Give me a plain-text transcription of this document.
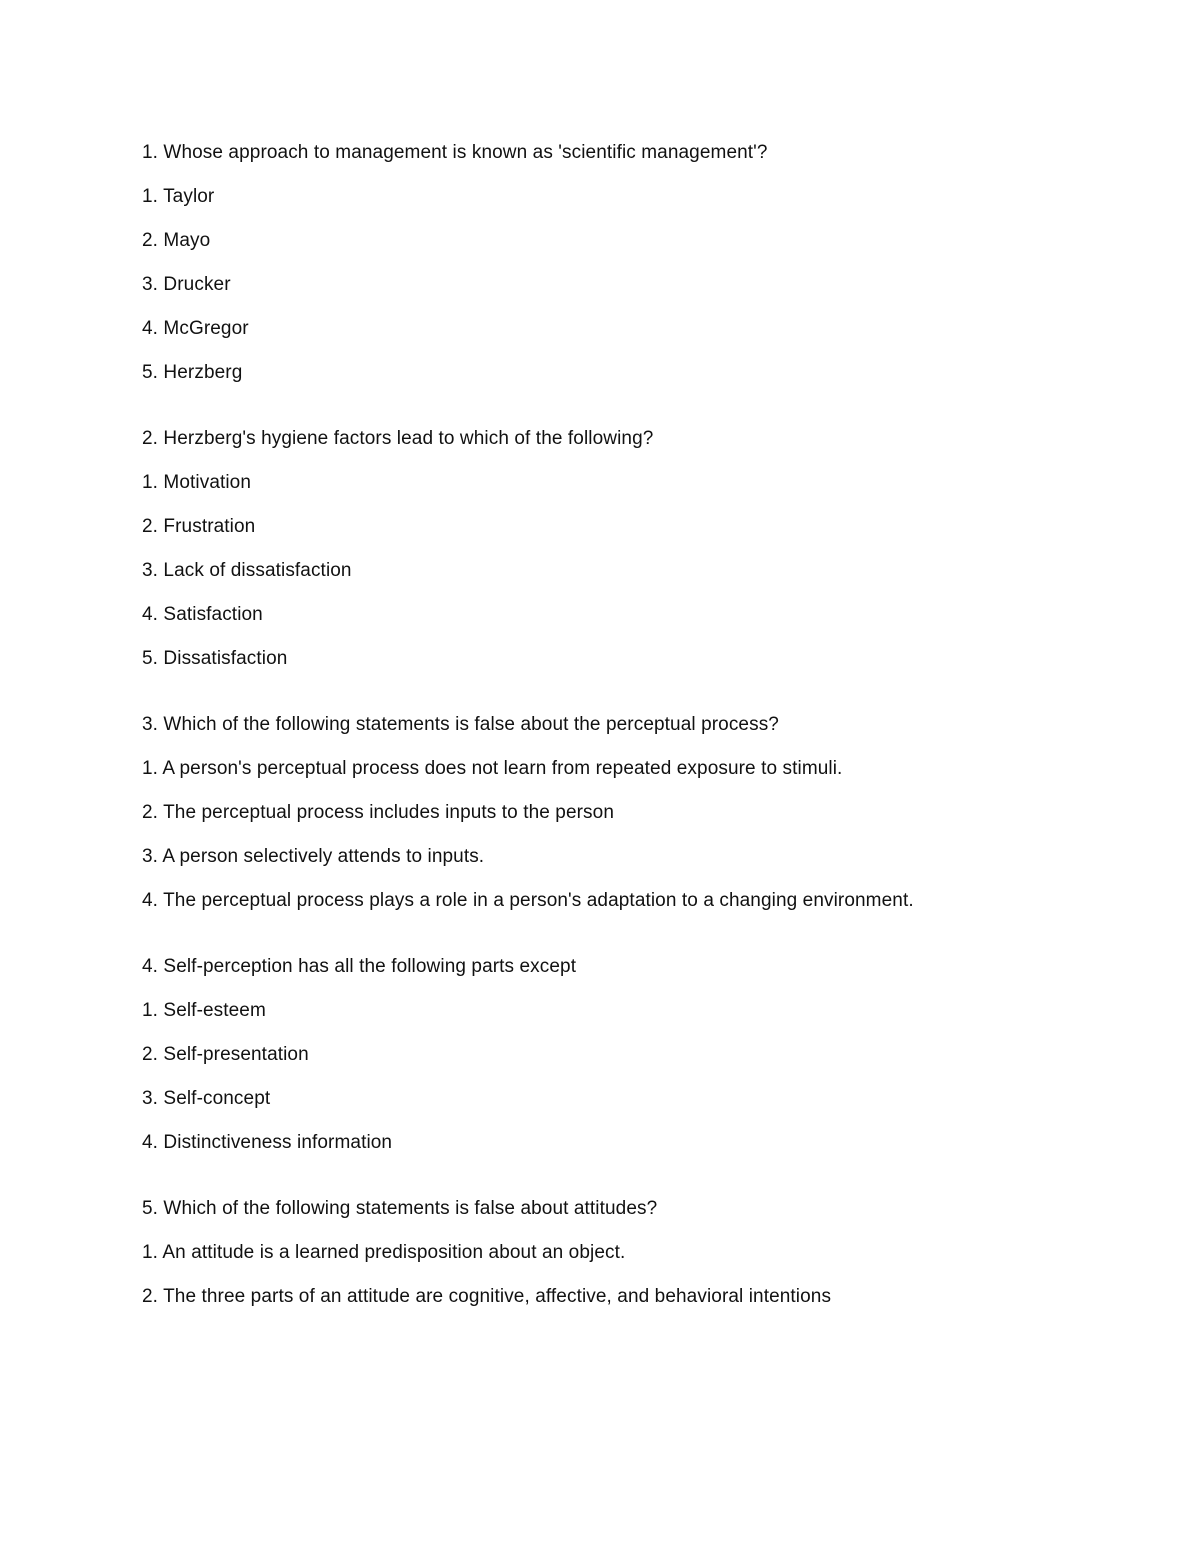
1. Whose approach to management is known as 'scientific management'?
1. Taylor
2. Mayo
3. Drucker
4. McGregor
5. Herzberg
2. Herzberg's hygiene factors lead to which of the following?
1. Motivation
2. Frustration
3. Lack of dissatisfaction
4. Satisfaction
5. Dissatisfaction
3. Which of the following statements is false about the perceptual process?
1. A person's perceptual process does not learn from repeated exposure to stimuli.
2. The perceptual process includes inputs to the person
3. A person selectively attends to inputs.
4. The perceptual process plays a role in a person's adaptation to a changing environment.
4. Self-perception has all the following parts except
1. Self-esteem
2. Self-presentation
3. Self-concept
4. Distinctiveness information
5. Which of the following statements is false about attitudes?
1. An attitude is a learned predisposition about an object.
2. The three parts of an attitude are cognitive, affective, and behavioral intentions
